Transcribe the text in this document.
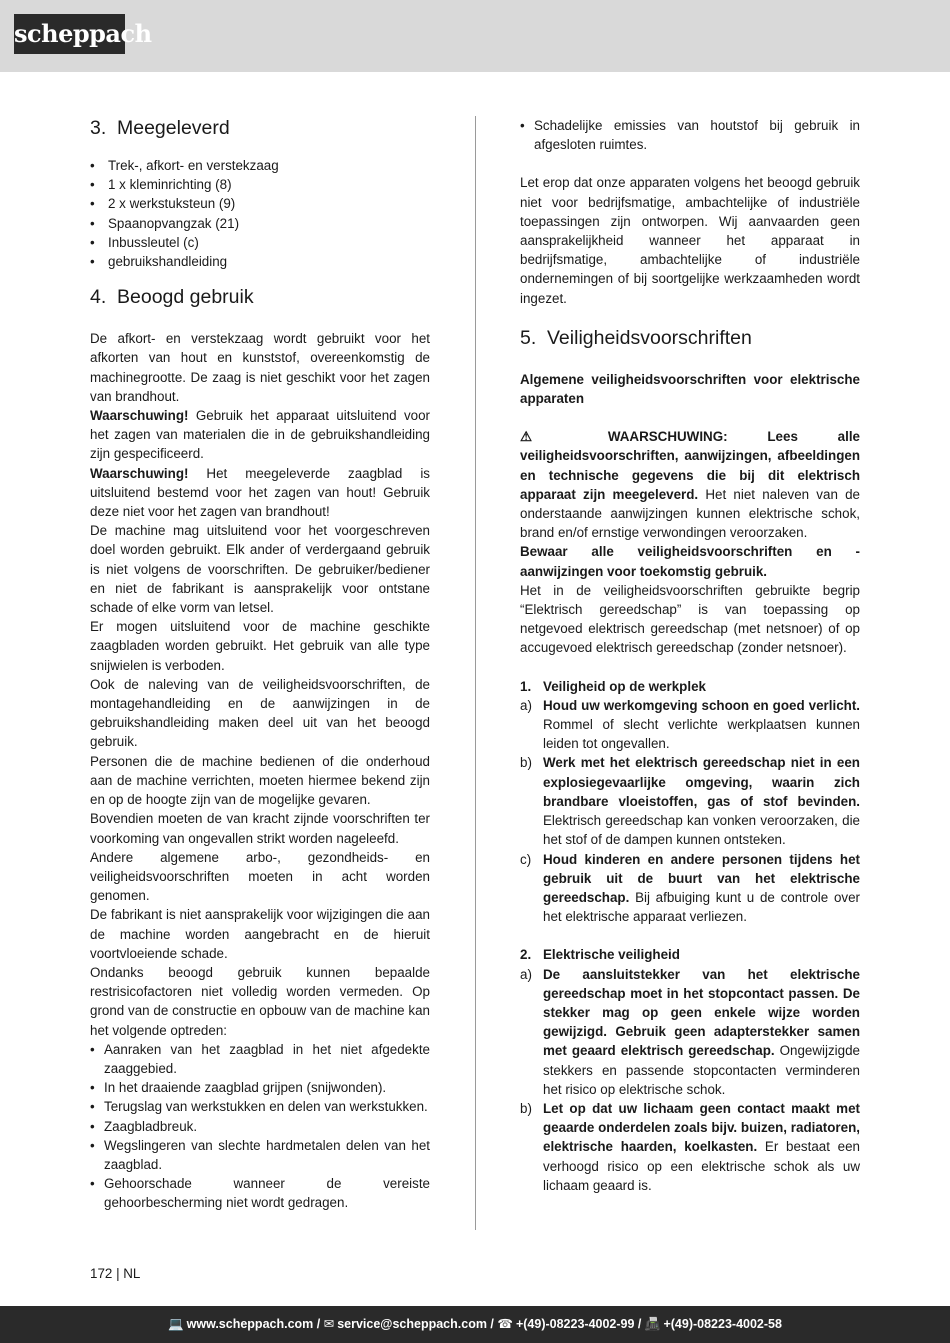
scheppach
3. Meegeleverd
• Trek-, afkort- en verstekzaag
• 1 x kleminrichting (8)
• 2 x werkstuksteun (9)
• Spaanopvangzak (21)
• Inbussleutel (c)
• gebruikshandleiding
4. Beoogd gebruik

De afkort- en verstekzaag wordt gebruikt voor het afkorten van hout en kunststof, overeenkomstig de machinegrootte. De zaag is niet geschikt voor het zagen van brandhout.

Waarschuwing! Gebruik het apparaat uitsluitend voor het zagen van materialen die in de gebruikshandleiding zijn gespecificeerd.

Waarschuwing! Het meegeleverde zaagblad is uitsluitend bestemd voor het zagen van hout! Gebruik deze niet voor het zagen van brandhout!

De machine mag uitsluitend voor het voorgeschreven doel worden gebruikt. Elk ander of verdergaand gebruik is niet volgens de voorschriften. De gebruiker/bediener en niet de fabrikant is aansprakelijk voor ontstane schade of elke vorm van letsel.

Er mogen uitsluitend voor de machine geschikte zaagbladen worden gebruikt. Het gebruik van alle type snijwielen is verboden.

Ook de naleving van de veiligheidsvoorschriften, de montagehandleiding en de aanwijzingen in de gebruikshandleiding maken deel uit van het beoogd gebruik.

Personen die de machine bedienen of die onderhoud aan de machine verrichten, moeten hiermee bekend zijn en op de hoogte zijn van de mogelijke gevaren.

Bovendien moeten de van kracht zijnde voorschriften ter voorkoming van ongevallen strikt worden nageleefd.

Andere algemene arbo-, gezondheids- en veiligheidsvoorschriften moeten in acht worden genomen.

De fabrikant is niet aansprakelijk voor wijzigingen die aan de machine worden aangebracht en de hieruit voortvloeiende schade.

Ondanks beoogd gebruik kunnen bepaalde restrisicofactoren niet volledig worden vermeden. Op grond van de constructie en opbouw van de machine kan het volgende optreden:

• Aanraken van het zaagblad in het niet afgedekte zaaggebied.
• In het draaiende zaagblad grijpen (snijwonden).
• Terugslag van werkstukken en delen van werkstukken.
• Zaagbladbreuk.
• Wegslingeren van slechte hardmetalen delen van het zaagblad.
• Gehoorschade wanneer de vereiste gehoorbescherming niet wordt gedragen.
• Schadelijke emissies van houtstof bij gebruik in afgesloten ruimtes.

Let erop dat onze apparaten volgens het beoogd gebruik niet voor bedrijfsmatige, ambachtelijke of industriële toepassingen zijn ontworpen. Wij aanvaarden geen aansprakelijkheid wanneer het apparaat in bedrijfsmatige, ambachtelijke of industriële ondernemingen of bij soortgelijke werkzaamheden wordt ingezet.

5. Veiligheidsvoorschriften

Algemene veiligheidsvoorschriften voor elektrische apparaten

⚠ WAARSCHUWING: Lees alle veiligheidsvoorschriften, aanwijzingen, afbeeldingen en technische gegevens die bij dit elektrisch apparaat zijn meegeleverd. Het niet naleven van de onderstaande aanwijzingen kunnen elektrische schok, brand en/of ernstige verwondingen veroorzaken.

Bewaar alle veiligheidsvoorschriften en -aanwijzingen voor toekomstig gebruik.

Het in de veiligheidsvoorschriften gebruikte begrip “Elektrisch gereedschap” is van toepassing op netgevoed elektrisch gereedschap (met netsnoer) of op accugevoed elektrisch gereedschap (zonder netsnoer).

1. Veiligheid op de werkplek
a) Houd uw werkomgeving schoon en goed verlicht. Rommel of slecht verlichte werkplaatsen kunnen leiden tot ongevallen.
b) Werk met het elektrisch gereedschap niet in een explosiegevaarlijke omgeving, waarin zich brandbare vloeistoffen, gas of stof bevinden. Elektrisch gereedschap kan vonken veroorzaken, die het stof of de dampen kunnen ontsteken.
c) Houd kinderen en andere personen tijdens het gebruik uit de buurt van het elektrische gereedschap. Bij afbuiging kunt u de controle over het elektrische apparaat verliezen.
2. Elektrische veiligheid
a) De aansluitstekker van het elektrische gereedschap moet in het stopcontact passen. De stekker mag op geen enkele wijze worden gewijzigd. Gebruik geen adapterstekker samen met geaard elektrisch gereedschap. Ongewijzigde stekkers en passende stopcontacten verminderen het risico op elektrische schok.
b) Let op dat uw lichaam geen contact maakt met geaarde onderdelen zoals bijv. buizen, radiatoren, elektrische haarden, koelkasten. Er bestaat een verhoogd risico op een elektrische schok als uw lichaam geaard is.
172 | NL
💻 www.scheppach.com / ✉ service@scheppach.com / ☎ +(49)-08223-4002-99 / 📠 +(49)-08223-4002-58
